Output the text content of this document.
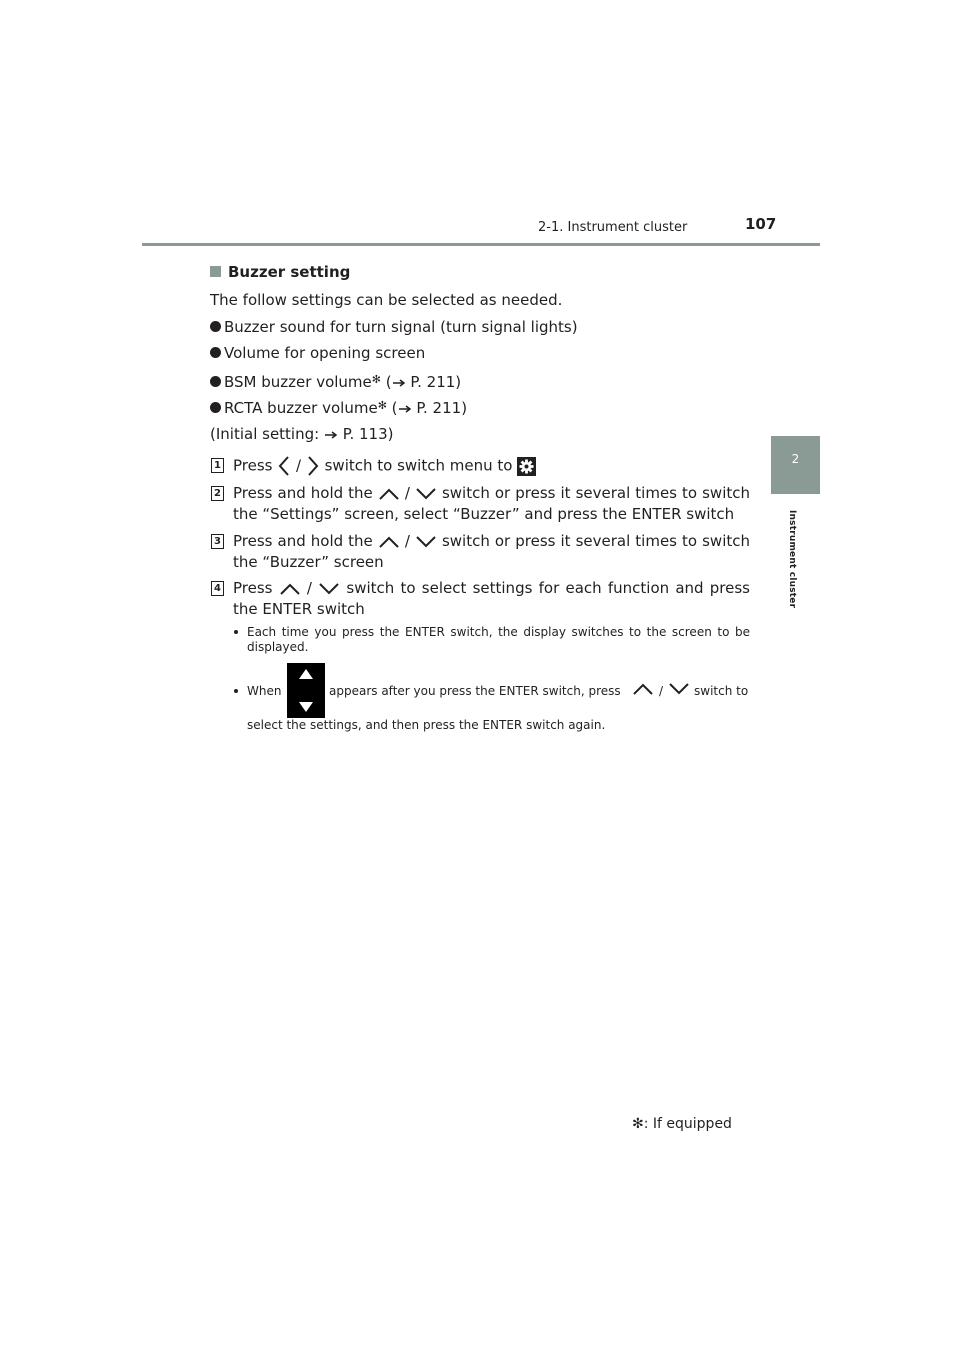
2-1. Instrument cluster	107
2
Instrument cluster
Buzzer setting
The follow settings can be selected as needed.
Buzzer sound for turn signal (turn signal lights)
Volume for opening screen
BSM buzzer volume✻ ( P. 211)
RCTA buzzer volume✻ ( P. 211)
(Initial setting:  P. 113)
1 Press  /  switch to switch menu to
2 Press and hold the  /  switch or press it several times to switch the “Settings” screen, select “Buzzer” and press the ENTER switch
3 Press and hold the  /  switch or press it several times to switch the “Buzzer” screen
4 Press  /  switch to select settings for each function and press the ENTER switch
Each time you press the ENTER switch, the display switches to the screen to be displayed.
When	appears after you press the ENTER switch, press	/	switch to
select the settings, and then press the ENTER switch again.
✻: If equipped
